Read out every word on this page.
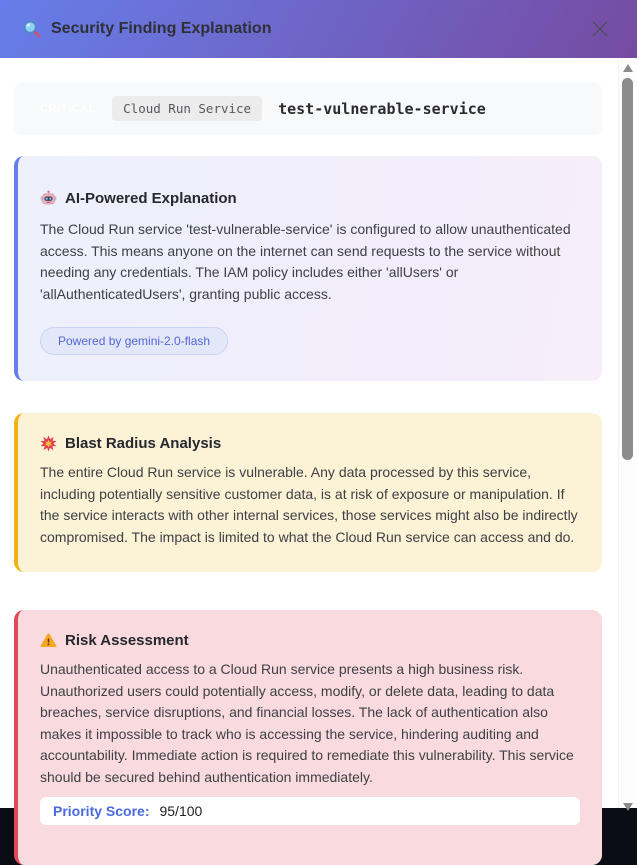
Security Finding Explanation
CRITICAL	Cloud Run Service	test-vulnerable-service
AI-Powered Explanation

The Cloud Run service 'test-vulnerable-service' is configured to allow unauthenticated access. This means anyone on the internet can send requests to the service without needing any credentials. The IAM policy includes either 'allUsers' or 'allAuthenticatedUsers', granting public access.

Powered by gemini-2.0-flash
Blast Radius Analysis

The entire Cloud Run service is vulnerable. Any data processed by this service, including potentially sensitive customer data, is at risk of exposure or manipulation. If the service interacts with other internal services, those services might also be indirectly compromised. The impact is limited to what the Cloud Run service can access and do.

Risk Assessment

Unauthenticated access to a Cloud Run service presents a high business risk. Unauthorized users could potentially access, modify, or delete data, leading to data breaches, service disruptions, and financial losses. The lack of authentication also makes it impossible to track who is accessing the service, hindering auditing and accountability. Immediate action is required to remediate this vulnerability. This service should be secured behind authentication immediately.

Priority Score: 95/100
